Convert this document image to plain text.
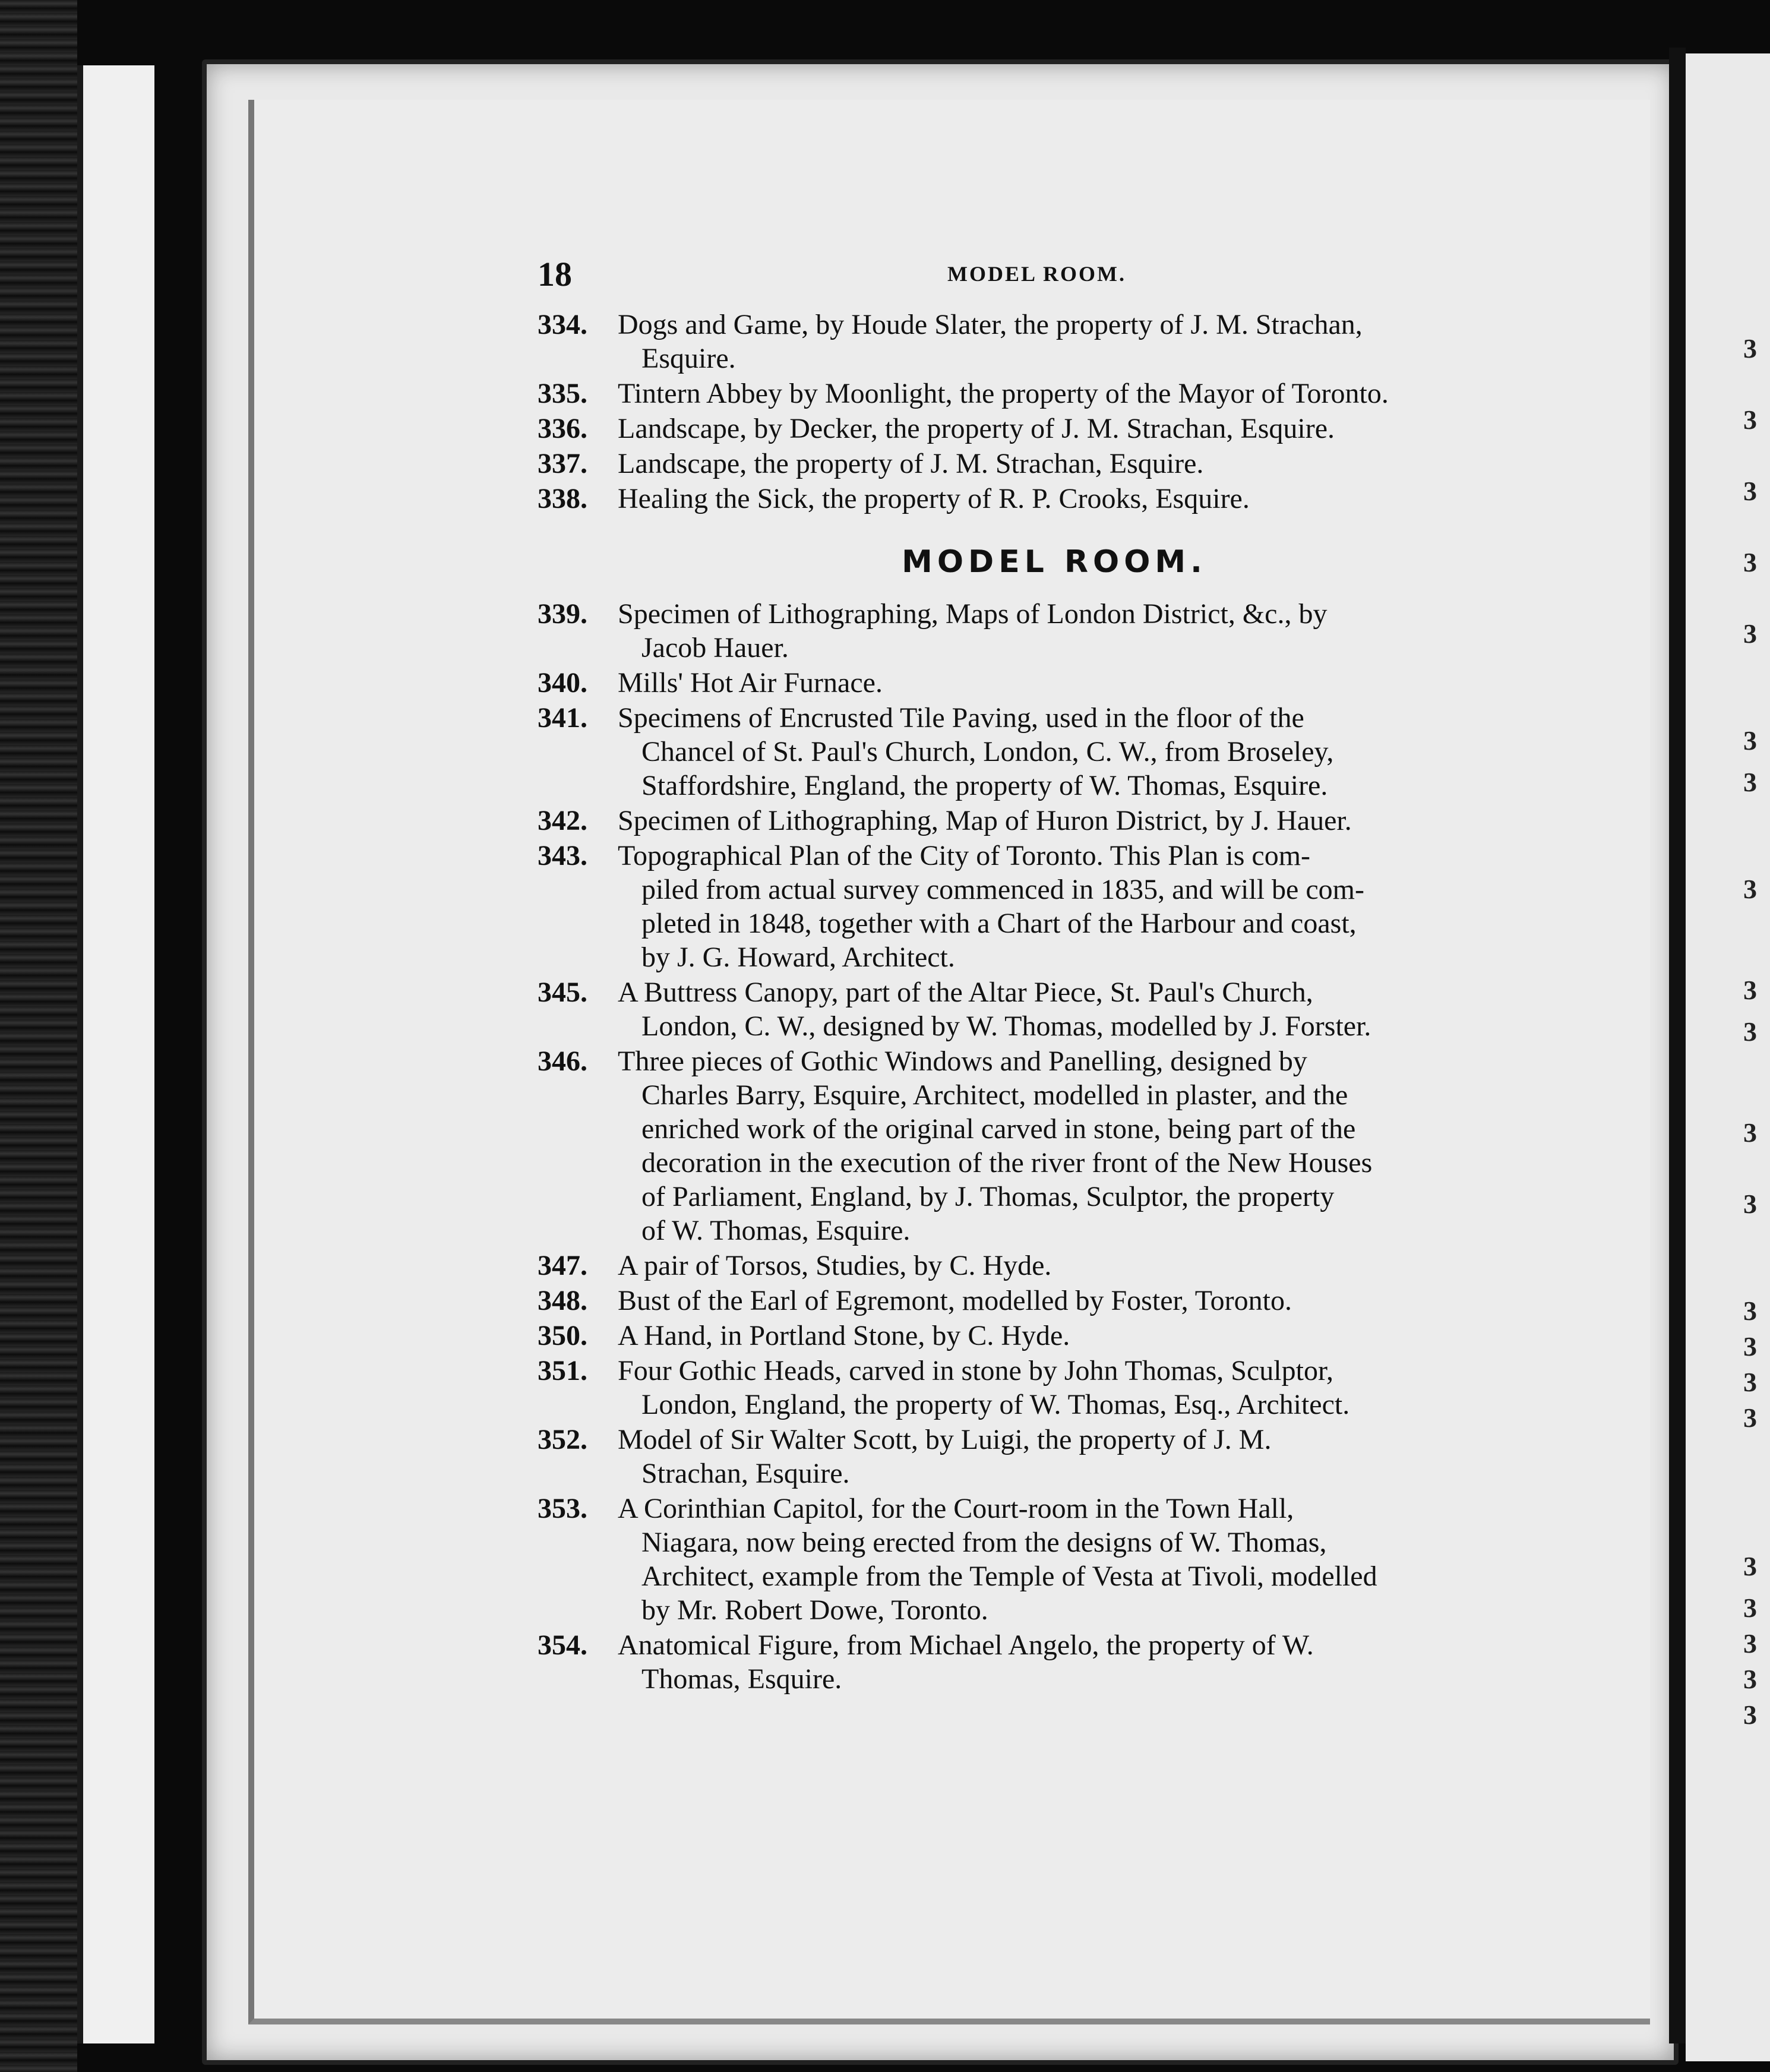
3
3
3
3
3
3
3
3
3
3
3
3
3
3
3
3
3
3
3
3
3
18	MODEL ROOM.
334.	Dogs and Game, by Houde Slater, the property of J. M. Strachan,
Esquire.
335.	Tintern Abbey by Moonlight, the property of the Mayor of Toronto.
336.	Landscape, by Decker, the property of J. M. Strachan, Esquire.
337.	Landscape, the property of J. M. Strachan, Esquire.
338.	Healing the Sick, the property of R. P. Crooks, Esquire.
MODEL ROOM.
339.	Specimen of Lithographing, Maps of London District, &c., by
Jacob Hauer.
340.	Mills' Hot Air Furnace.
341.	Specimens of Encrusted Tile Paving, used in the floor of the
Chancel of St. Paul's Church, London, C. W., from Broseley,
Staffordshire, England, the property of W. Thomas, Esquire.
342.	Specimen of Lithographing, Map of Huron District, by J. Hauer.
343.	Topographical Plan of the City of Toronto. This Plan is com-
piled from actual survey commenced in 1835, and will be com-
pleted in 1848, together with a Chart of the Harbour and coast,
by J. G. Howard, Architect.
345.	A Buttress Canopy, part of the Altar Piece, St. Paul's Church,
London, C. W., designed by W. Thomas, modelled by J. Forster.
346.	Three pieces of Gothic Windows and Panelling, designed by
Charles Barry, Esquire, Architect, modelled in plaster, and the
enriched work of the original carved in stone, being part of the
decoration in the execution of the river front of the New Houses
of Parliament, England, by J. Thomas, Sculptor, the property
of W. Thomas, Esquire.
347.	A pair of Torsos, Studies, by C. Hyde.
348.	Bust of the Earl of Egremont, modelled by Foster, Toronto.
350.	A Hand, in Portland Stone, by C. Hyde.
351.	Four Gothic Heads, carved in stone by John Thomas, Sculptor,
London, England, the property of W. Thomas, Esq., Architect.
352.	Model of Sir Walter Scott, by Luigi, the property of J. M.
Strachan, Esquire.
353.	A Corinthian Capitol, for the Court-room in the Town Hall,
Niagara, now being erected from the designs of W. Thomas,
Architect, example from the Temple of Vesta at Tivoli, modelled
by Mr. Robert Dowe, Toronto.
354.	Anatomical Figure, from Michael Angelo, the property of W.
Thomas, Esquire.
